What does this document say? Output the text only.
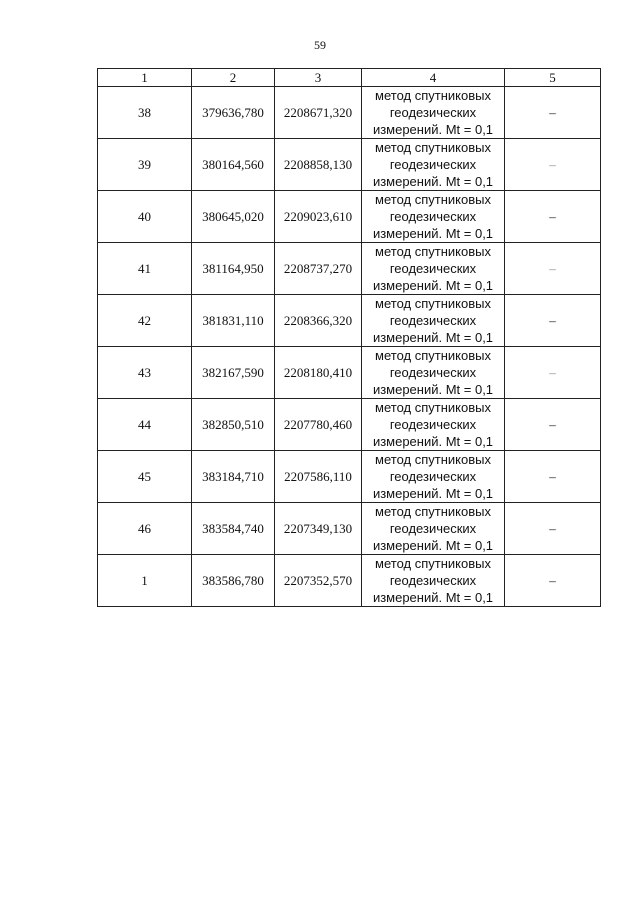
59
1	2	3	4	5
38	379636,780	2208671,320	метод спутниковых
геодезических
измерений. Mt = 0,1	–
39	380164,560	2208858,130	метод спутниковых
геодезических
измерений. Mt = 0,1	–
40	380645,020	2209023,610	метод спутниковых
геодезических
измерений. Mt = 0,1	–
41	381164,950	2208737,270	метод спутниковых
геодезических
измерений. Mt = 0,1	–
42	381831,110	2208366,320	метод спутниковых
геодезических
измерений. Mt = 0,1	–
43	382167,590	2208180,410	метод спутниковых
геодезических
измерений. Mt = 0,1	–
44	382850,510	2207780,460	метод спутниковых
геодезических
измерений. Mt = 0,1	–
45	383184,710	2207586,110	метод спутниковых
геодезических
измерений. Mt = 0,1	–
46	383584,740	2207349,130	метод спутниковых
геодезических
измерений. Mt = 0,1	–
1	383586,780	2207352,570	метод спутниковых
геодезических
измерений. Mt = 0,1	–
